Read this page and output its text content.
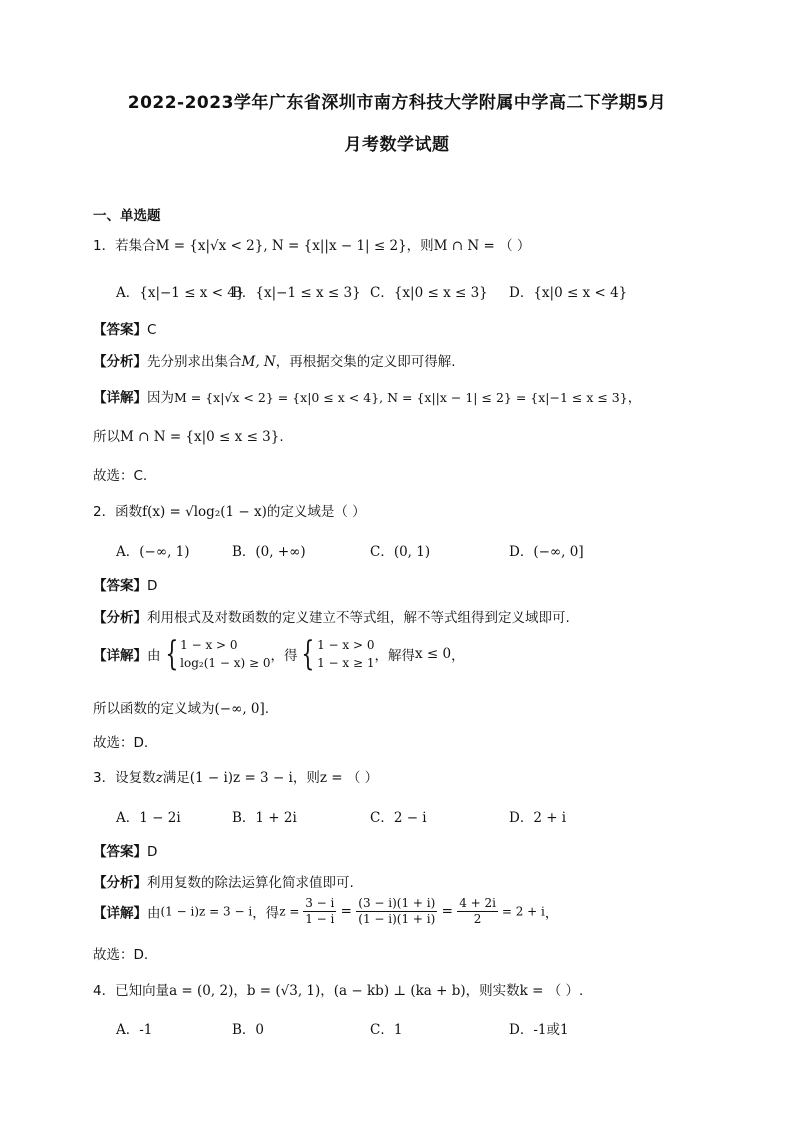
2022-2023学年广东省深圳市南方科技大学附属中学高二下学期5月
月考数学试题
一、单选题
1．若集合M = {x|√x < 2}, N = {x||x − 1| ≤ 2}，则M ∩ N = （ ）
A．{x|−1 ≤ x < 4}
B．{x|−1 ≤ x ≤ 3} C．{x|0 ≤ x ≤ 3} D．{x|0 ≤ x < 4}
【答案】C
【分析】先分别求出集合M, N，再根据交集的定义即可得解.
【详解】因为M = {x|√x < 2} = {x|0 ≤ x < 4}, N = {x||x − 1| ≤ 2} = {x|−1 ≤ x ≤ 3}，
所以M ∩ N = {x|0 ≤ x ≤ 3}.
故选：C.
2．函数f(x) = √log₂(1 − x)的定义域是（ ）
A．(−∞, 1)	B．(0, +∞)	C．(0, 1)	D．(−∞, 0]
【答案】D
【分析】利用根式及对数函数的定义建立不等式组，解不等式组得到定义域即可.
【详解】由 { 1 − x > 0
log₂(1 − x) ≥ 0 ，得 { 1 − x > 0
1 − x ≥ 1 ，解得x ≤ 0，
所以函数的定义域为(−∞, 0].
故选：D.
3．设复数z满足(1 − i)z = 3 − i，则z = （ ）
A．1 − 2i	B．1 + 2i	C．2 − i	D．2 + i
【答案】D
【分析】利用复数的除法运算化简求值即可.
【详解】由(1 − i)z = 3 − i，得$z = \frac{3 - i}{1 - i} = \frac{(3 - i)(1 + i)}{(1 - i)(1 + i)} = \frac{4 + 2i}{2} = 2 + i$，
故选：D.
4．已知向量a = (0, 2)，b = (√3, 1)，(a − kb) ⊥ (ka + b)，则实数k = （ ）.
A．-1	B．0	C．1	D．-1或1
